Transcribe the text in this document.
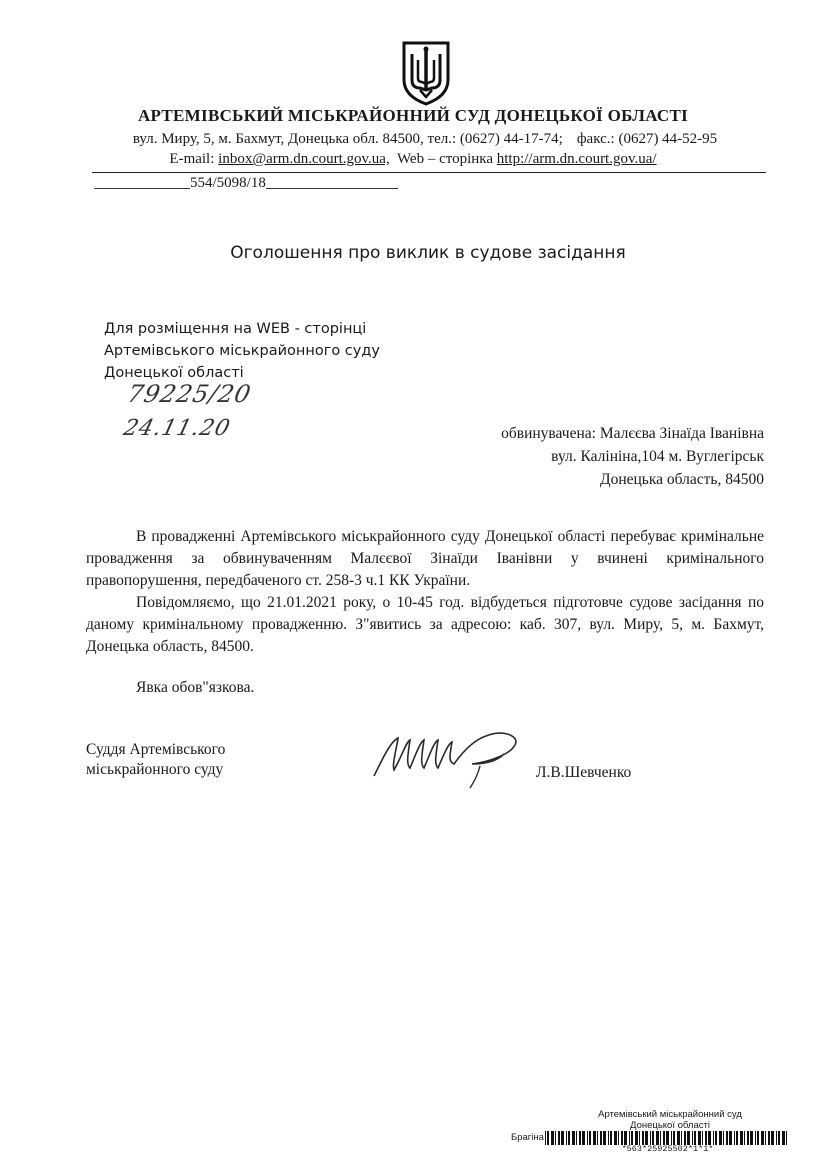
АРТЕМІВСЬКИЙ МІСЬКРАЙОННИЙ СУД ДОНЕЦЬКОЇ ОБЛАСТІ
вул. Миру, 5, м. Бахмут, Донецька обл. 84500, тел.: (0627) 44-17-74; факс.: (0627) 44-52-95
E-mail: inbox@arm.dn.court.gov.ua, Web – сторінка http://arm.dn.court.gov.ua/
554/5098/18
Оголошення про виклик в судове засідання
Для розміщення на WEB - сторінці
Артемівського міськрайонного суду
Донецької області
79225/20
24.11.20	обвинувачена: Малєєва Зінаїда Іванівна
вул. Калініна,104 м. Вуглегірськ
Донецька область, 84500

В провадженні Артемівського міськрайонного суду Донецької області перебуває кримінальне провадження за обвинуваченням Малєєвої Зінаїди Іванівни у вчинені кримінального правопорушення, передбаченого ст. 258-3 ч.1 КК України.

Повідомляємо, що 21.01.2021 року, о 10-45 год. відбудеться підготовче судове засідання по даному кримінальному провадженню. З"явитись за адресою: каб. 307, вул. Миру, 5, м. Бахмут, Донецька область, 84500.

Явка обов"язкова.
Суддя Артемівського
міськрайонного суду	Л.В.Шевченко
Артемівський міськрайонний суд
Донецької області
Брагіна
*563*25925502*1*1*
